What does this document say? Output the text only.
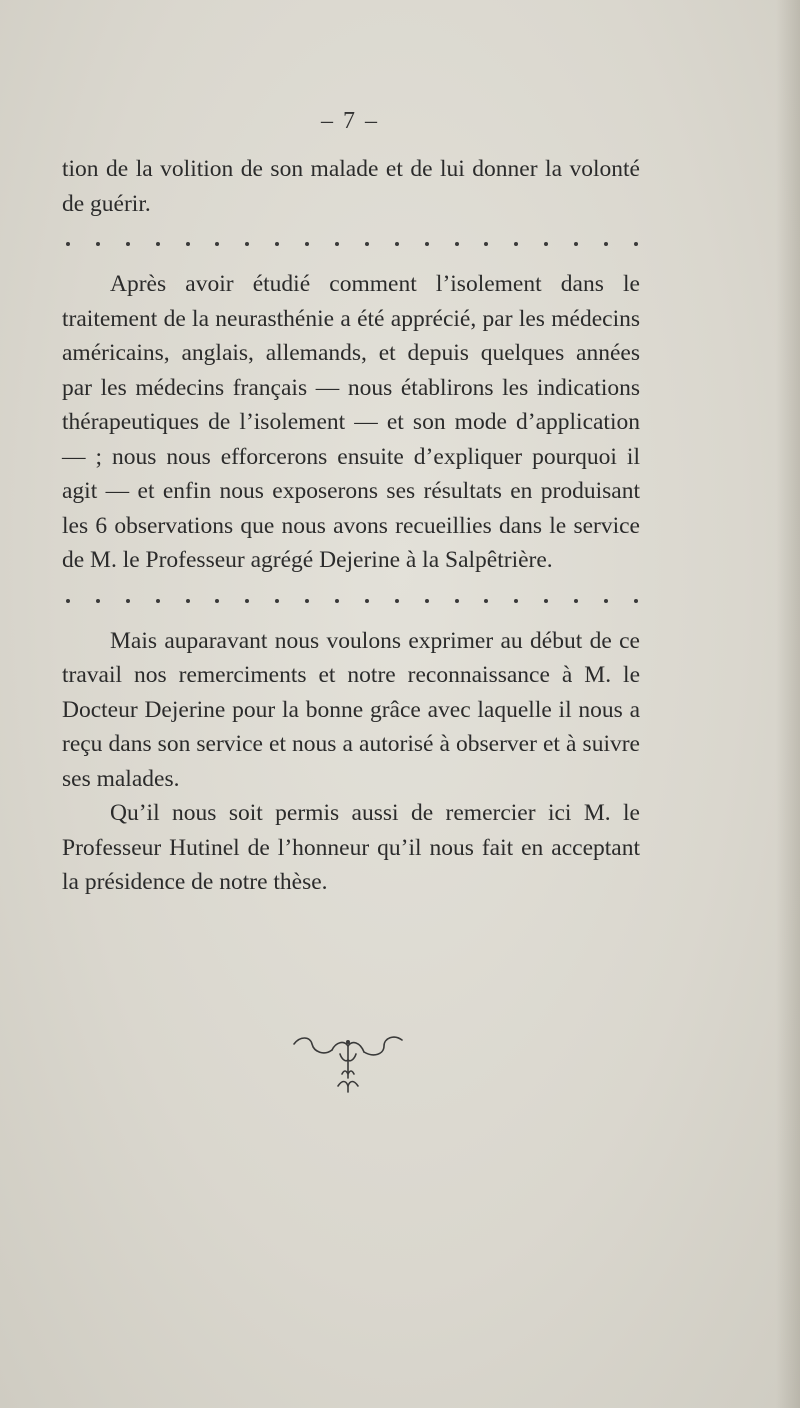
– 7 –

tion de la volition de son malade et de lui donner la volonté de guérir.

Après avoir étudié comment l’isolement dans le traitement de la neurasthénie a été apprécié, par les médecins américains, anglais, allemands, et depuis quelques années par les médecins français — nous établirons les indications thérapeutiques de l’isolement — et son mode d’application — ; nous nous efforcerons ensuite d’expliquer pourquoi il agit — et enfin nous exposerons ses résultats en produisant les 6 observations que nous avons recueillies dans le service de M. le Professeur agrégé Dejerine à la Salpêtrière.

Mais auparavant nous voulons exprimer au début de ce travail nos remerciments et notre reconnaissance à M. le Docteur Dejerine pour la bonne grâce avec laquelle il nous a reçu dans son service et nous a autorisé à observer et à suivre ses malades.

Qu’il nous soit permis aussi de remercier ici M. le Professeur Hutinel de l’honneur qu’il nous fait en acceptant la présidence de notre thèse.
